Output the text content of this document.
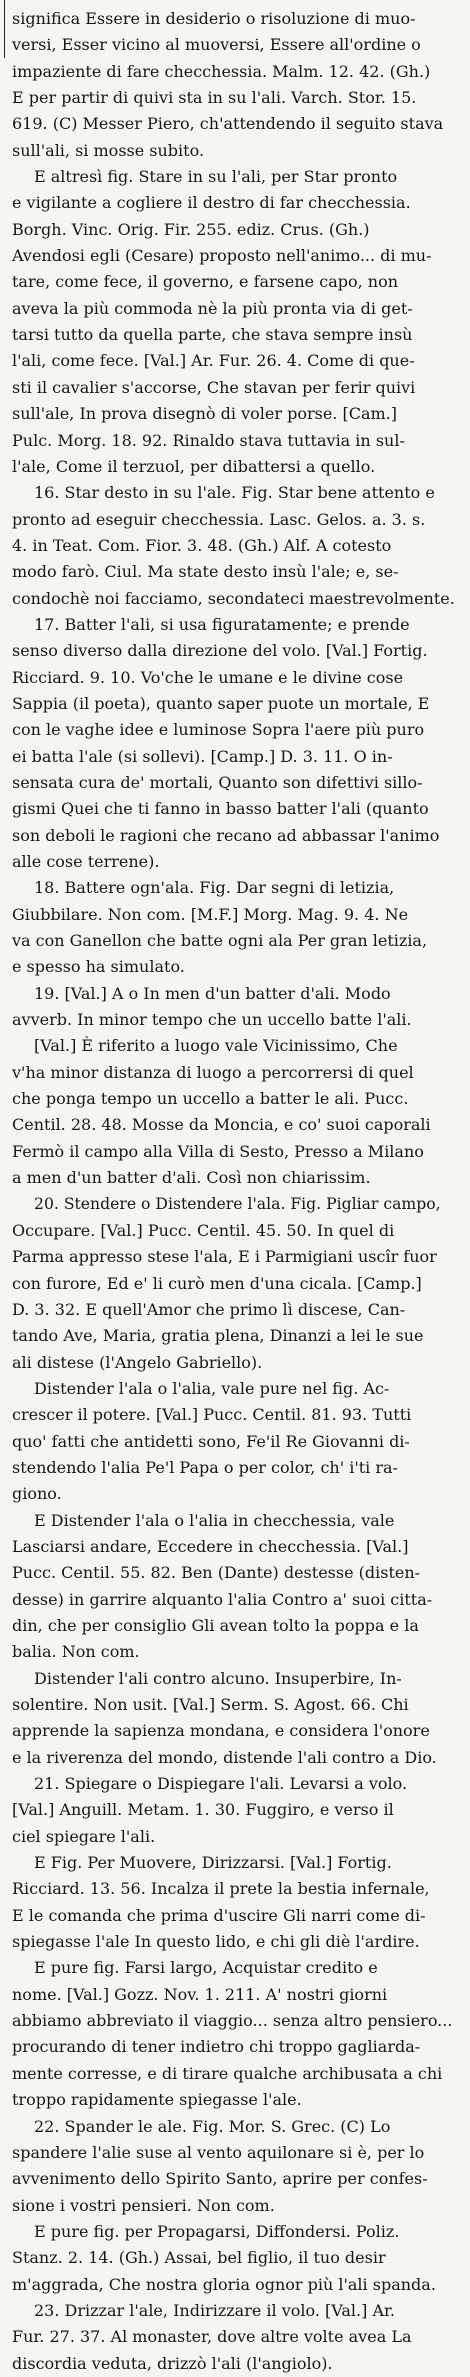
significa Essere in desiderio o risoluzione di muo-
versi, Esser vicino al muoversi, Essere all'ordine o
impaziente di fare checchessia. Malm. 12. 42. (Gh.)
E per partir di quivi sta in su l'ali. Varch. Stor. 15.
619. (C) Messer Piero, ch'attendendo il seguito stava
sull'ali, si mosse subito.
E altresì fig. Stare in su l'ali, per Star pronto
e vigilante a cogliere il destro di far checchessia.
Borgh. Vinc. Orig. Fir. 255. ediz. Crus. (Gh.)
Avendosi egli (Cesare) proposto nell'animo... di mu-
tare, come fece, il governo, e farsene capo, non
aveva la più commoda nè la più pronta via di get-
tarsi tutto da quella parte, che stava sempre insù
l'ali, come fece. [Val.] Ar. Fur. 26. 4. Come di que-
sti il cavalier s'accorse, Che stavan per ferir quivi
sull'ale, In prova disegnò di voler porse. [Cam.]
Pulc. Morg. 18. 92. Rinaldo stava tuttavia in sul-
l'ale, Come il terzuol, per dibattersi a quello.
16. Star desto in su l'ale. Fig. Star bene attento e
pronto ad eseguir checchessia. Lasc. Gelos. a. 3. s.
4. in Teat. Com. Fior. 3. 48. (Gh.) Alf. A cotesto
modo farò. Ciul. Ma state desto insù l'ale; e, se-
condochè noi facciamo, secondateci maestrevolmente.
17. Batter l'ali, si usa figuratamente; e prende
senso diverso dalla direzione del volo. [Val.] Fortig.
Ricciard. 9. 10. Vo'che le umane e le divine cose
Sappia (il poeta), quanto saper puote un mortale, E
con le vaghe idee e luminose Sopra l'aere più puro
ei batta l'ale (si sollevi). [Camp.] D. 3. 11. O in-
sensata cura de' mortali, Quanto son difettivi sillo-
gismi Quei che ti fanno in basso batter l'ali (quanto
son deboli le ragioni che recano ad abbassar l'animo
alle cose terrene).
18. Battere ogn'ala. Fig. Dar segni di letizia,
Giubbilare. Non com. [M.F.] Morg. Mag. 9. 4. Ne
va con Ganellon che batte ogni ala Per gran letizia,
e spesso ha simulato.
19. [Val.] A o In men d'un batter d'ali. Modo
avverb. In minor tempo che un uccello batte l'ali.
[Val.] È riferito a luogo vale Vicinissimo, Che
v'ha minor distanza di luogo a percorrersi di quel
che ponga tempo un uccello a batter le ali. Pucc.
Centil. 28. 48. Mosse da Moncia, e co' suoi caporali
Fermò il campo alla Villa di Sesto, Presso a Milano
a men d'un batter d'ali. Così non chiarissim.
20. Stendere o Distendere l'ala. Fig. Pigliar campo,
Occupare. [Val.] Pucc. Centil. 45. 50. In quel di
Parma appresso stese l'ala, E i Parmigiani uscîr fuor
con furore, Ed e' li curò men d'una cicala. [Camp.]
D. 3. 32. E quell'Amor che primo lì discese, Can-
tando Ave, Maria, gratia plena, Dinanzi a lei le sue
ali distese (l'Angelo Gabriello).
Distender l'ala o l'alia, vale pure nel fig. Ac-
crescer il potere. [Val.] Pucc. Centil. 81. 93. Tutti
quo' fatti che antidetti sono, Fe'il Re Giovanni di-
stendendo l'alia Pe'l Papa o per color, ch' i'ti ra-
giono.
E Distender l'ala o l'alia in checchessia, vale
Lasciarsi andare, Eccedere in checchessia. [Val.]
Pucc. Centil. 55. 82. Ben (Dante) destesse (disten-
desse) in garrire alquanto l'alia Contro a' suoi citta-
din, che per consiglio Gli avean tolto la poppa e la
balia. Non com.
Distender l'ali contro alcuno. Insuperbire, In-
solentire. Non usit. [Val.] Serm. S. Agost. 66. Chi
apprende la sapienza mondana, e considera l'onore
e la riverenza del mondo, distende l'ali contro a Dio.
21. Spiegare o Dispiegare l'ali. Levarsi a volo.
[Val.] Anguill. Metam. 1. 30. Fuggiro, e verso il
ciel spiegare l'ali.
E Fig. Per Muovere, Dirizzarsi. [Val.] Fortig.
Ricciard. 13. 56. Incalza il prete la bestia infernale,
E le comanda che prima d'uscire Gli narri come di-
spiegasse l'ale In questo lido, e chi gli diè l'ardire.
E pure fig. Farsi largo, Acquistar credito e
nome. [Val.] Gozz. Nov. 1. 211. A' nostri giorni
abbiamo abbreviato il viaggio... senza altro pensiero...
procurando di tener indietro chi troppo gagliarda-
mente corresse, e di tirare qualche archibusata a chi
troppo rapidamente spiegasse l'ale.
22. Spander le ale. Fig. Mor. S. Grec. (C) Lo
spandere l'alie suse al vento aquilonare si è, per lo
avvenimento dello Spirito Santo, aprire per confes-
sione i vostri pensieri. Non com.
E pure fig. per Propagarsi, Diffondersi. Poliz.
Stanz. 2. 14. (Gh.) Assai, bel figlio, il tuo desir
m'aggrada, Che nostra gloria ognor più l'ali spanda.
23. Drizzar l'ale, Indirizzare il volo. [Val.] Ar.
Fur. 27. 37. Al monaster, dove altre volte avea La
discordia veduta, drizzò l'ali (l'angiolo).
